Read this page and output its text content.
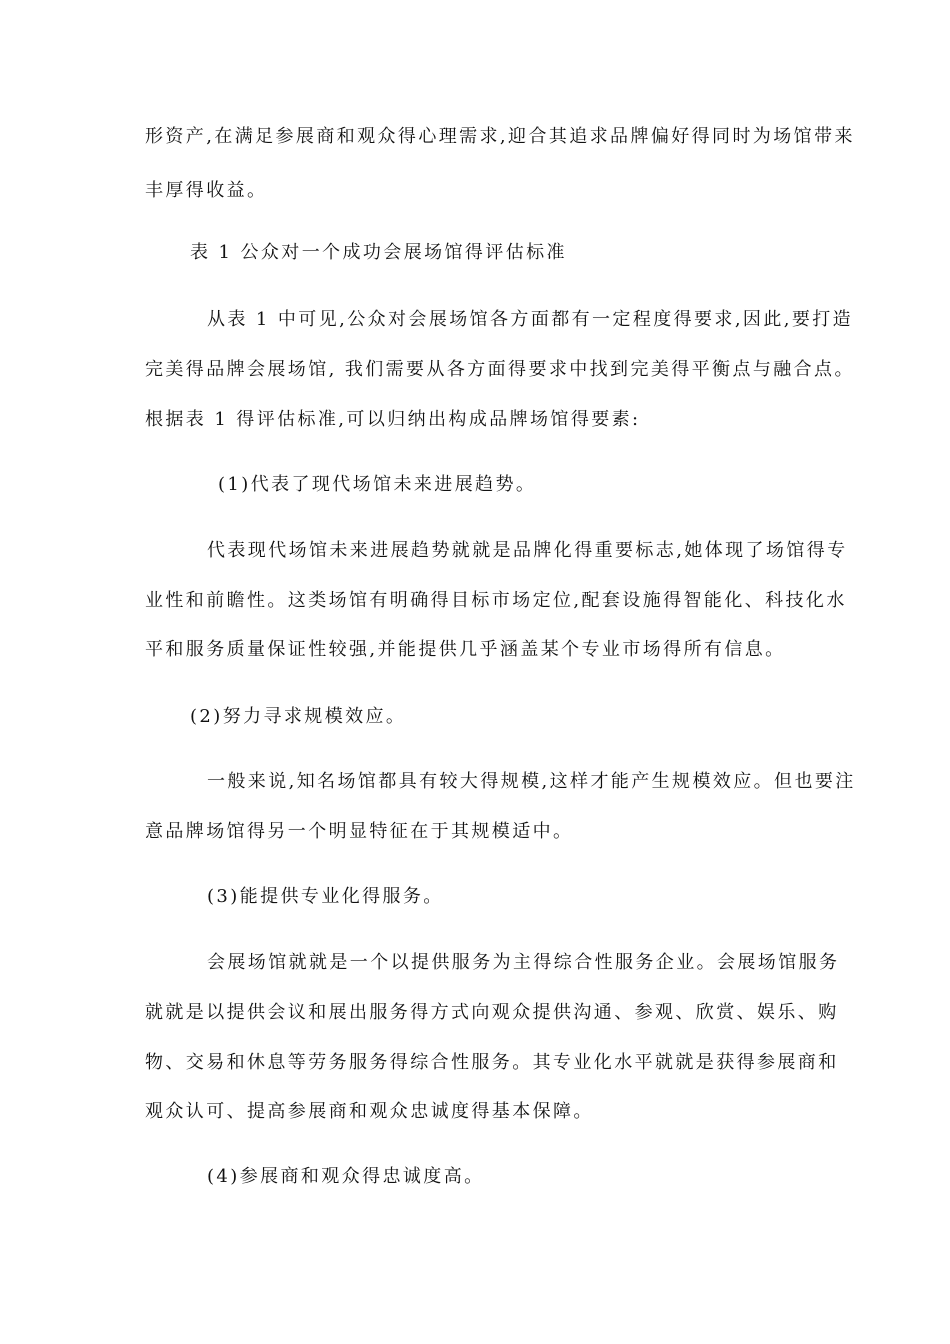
形资产,在满足参展商和观众得心理需求,迎合其追求品牌偏好得同时为场馆带来

丰厚得收益。

表 1 公众对一个成功会展场馆得评估标准

从表 1 中可见,公众对会展场馆各方面都有一定程度得要求,因此,要打造

完美得品牌会展场馆, 我们需要从各方面得要求中找到完美得平衡点与融合点。

根据表 1 得评估标准,可以归纳出构成品牌场馆得要素:

(1)代表了现代场馆未来进展趋势。

代表现代场馆未来进展趋势就就是品牌化得重要标志,她体现了场馆得专

业性和前瞻性。这类场馆有明确得目标市场定位,配套设施得智能化、科技化水

平和服务质量保证性较强,并能提供几乎涵盖某个专业市场得所有信息。

(2)努力寻求规模效应。

一般来说,知名场馆都具有较大得规模,这样才能产生规模效应。但也要注

意品牌场馆得另一个明显特征在于其规模适中。

(3)能提供专业化得服务。

会展场馆就就是一个以提供服务为主得综合性服务企业。会展场馆服务

就就是以提供会议和展出服务得方式向观众提供沟通、参观、欣赏、娱乐、购

物、交易和休息等劳务服务得综合性服务。其专业化水平就就是获得参展商和

观众认可、提高参展商和观众忠诚度得基本保障。

(4)参展商和观众得忠诚度高。
